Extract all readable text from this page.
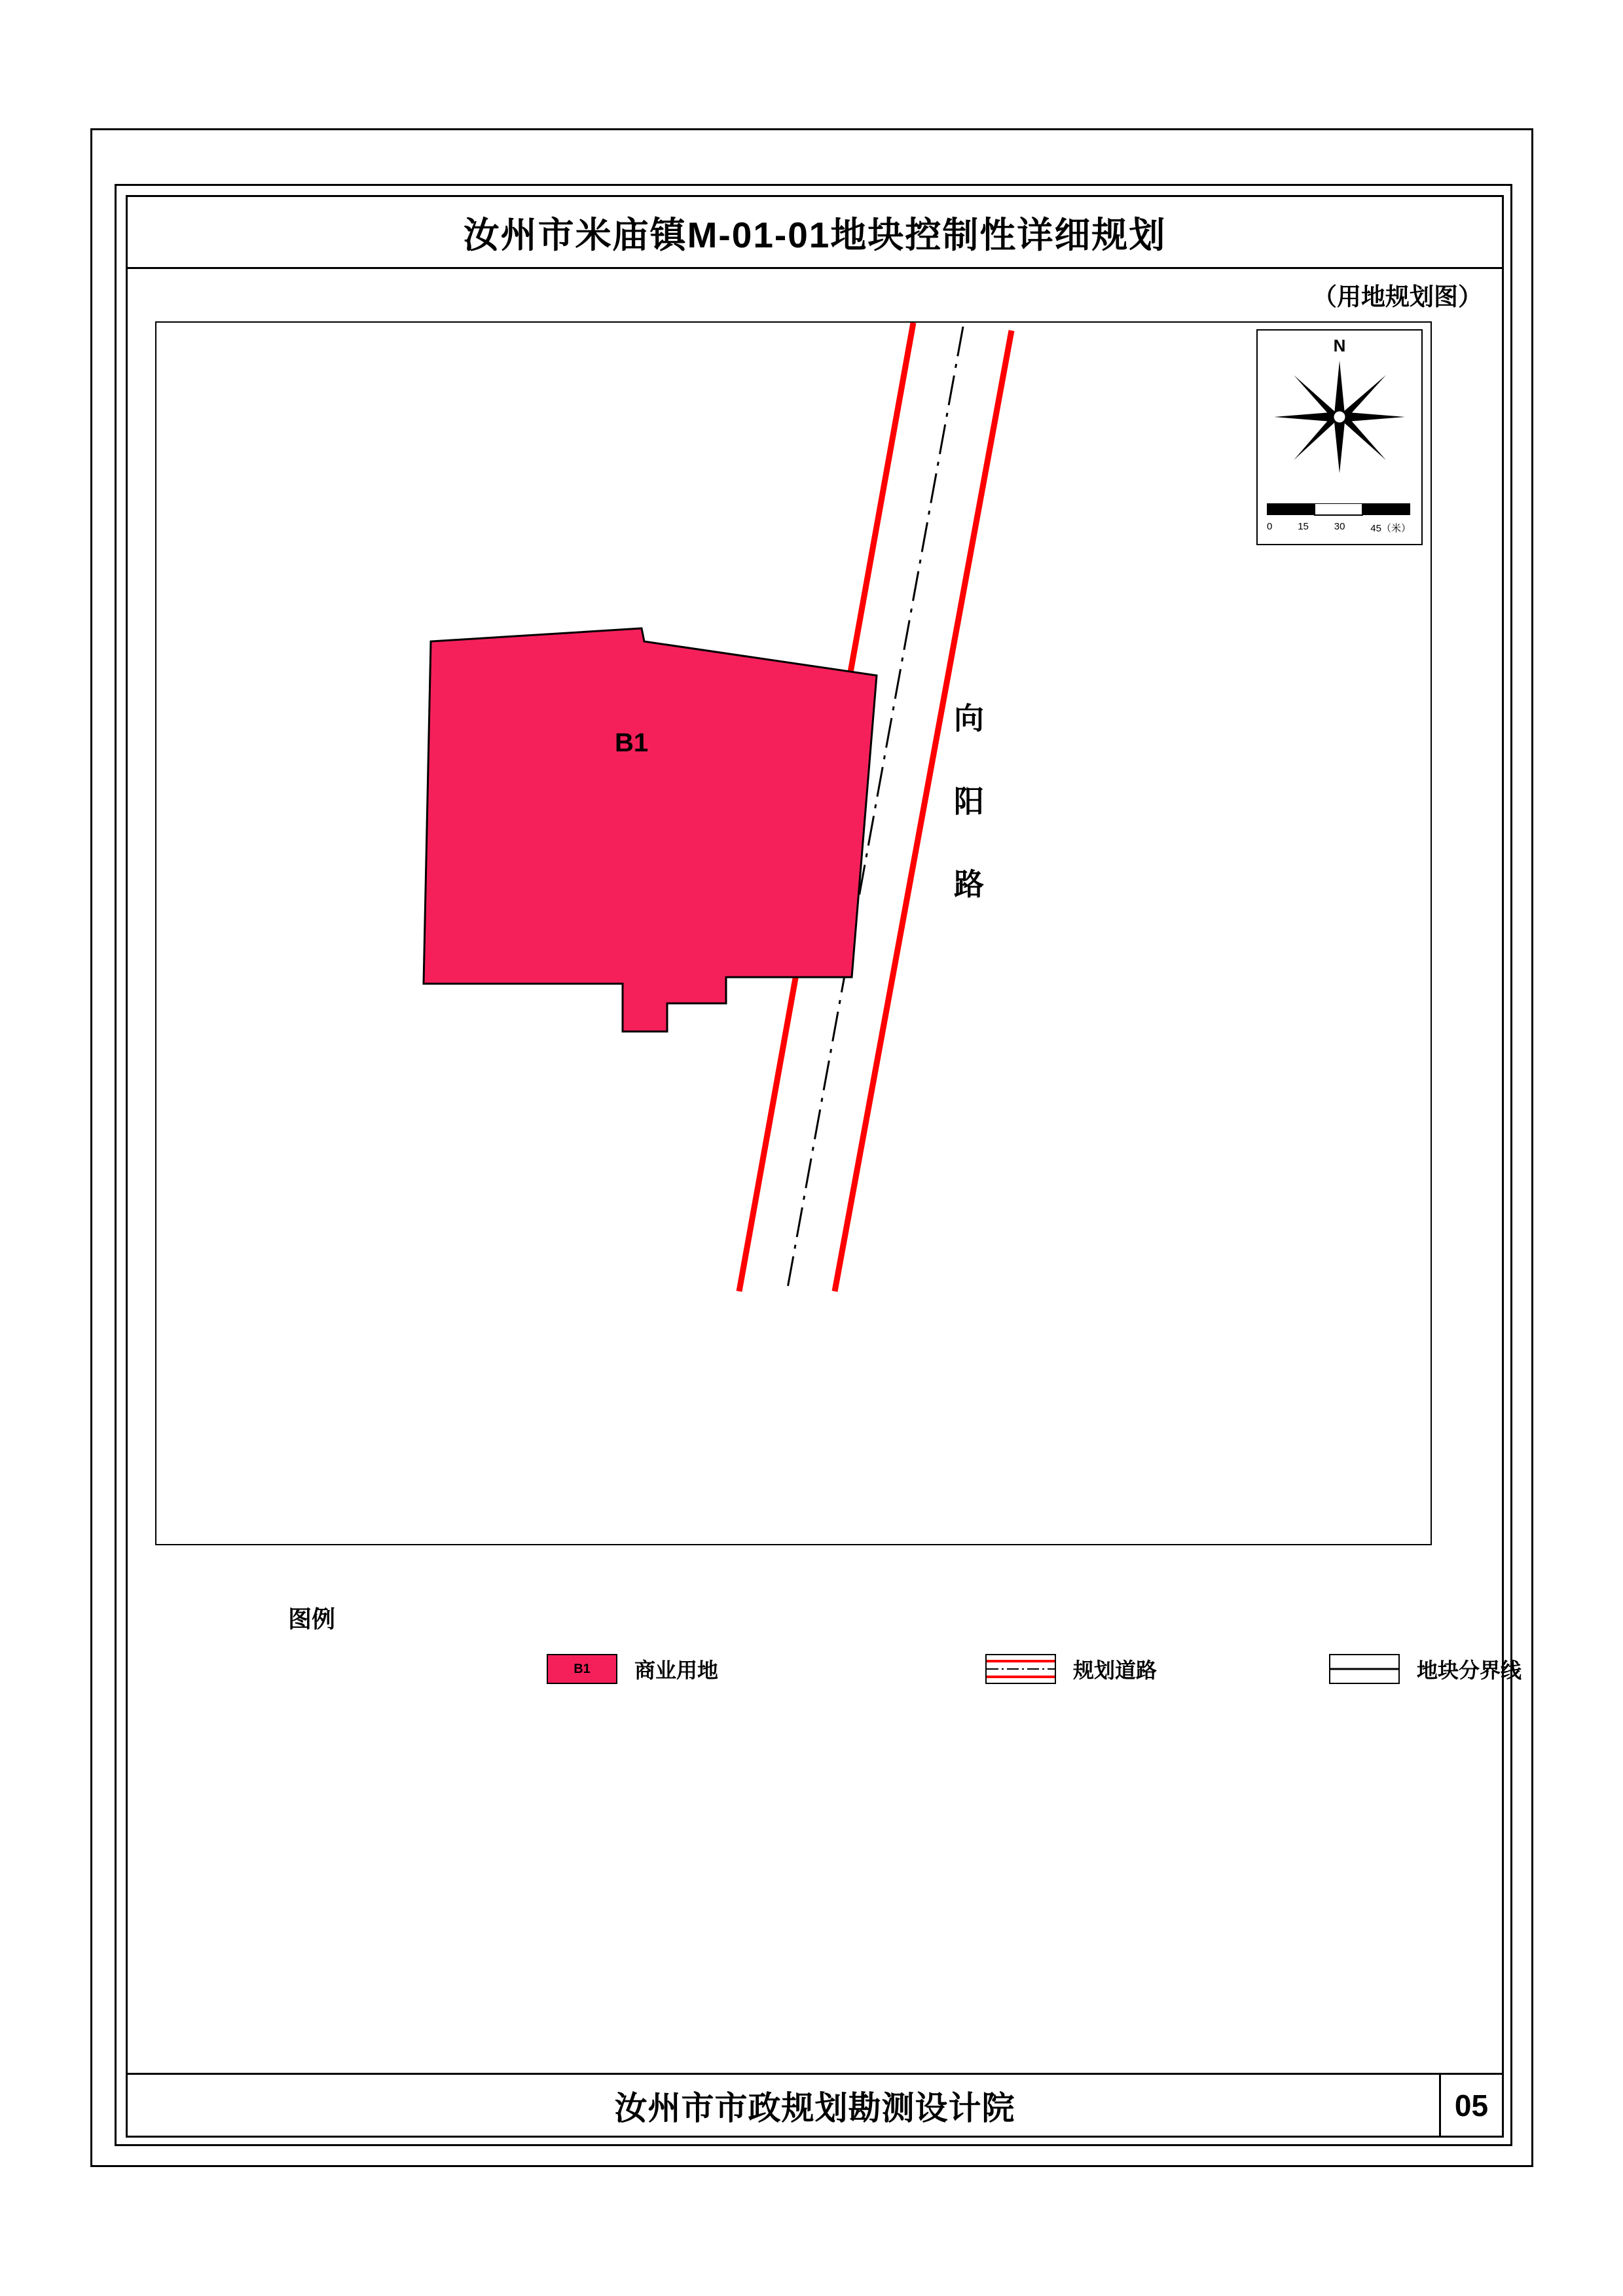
汝州市米庙镇M-01-01地块控制性详细规划
（用地规划图）
B1	向 阳 路
N
0	15	30	45（米）
图例
B1 商业用地	规划道路	地块分界线
汝州市市政规划勘测设计院	05
